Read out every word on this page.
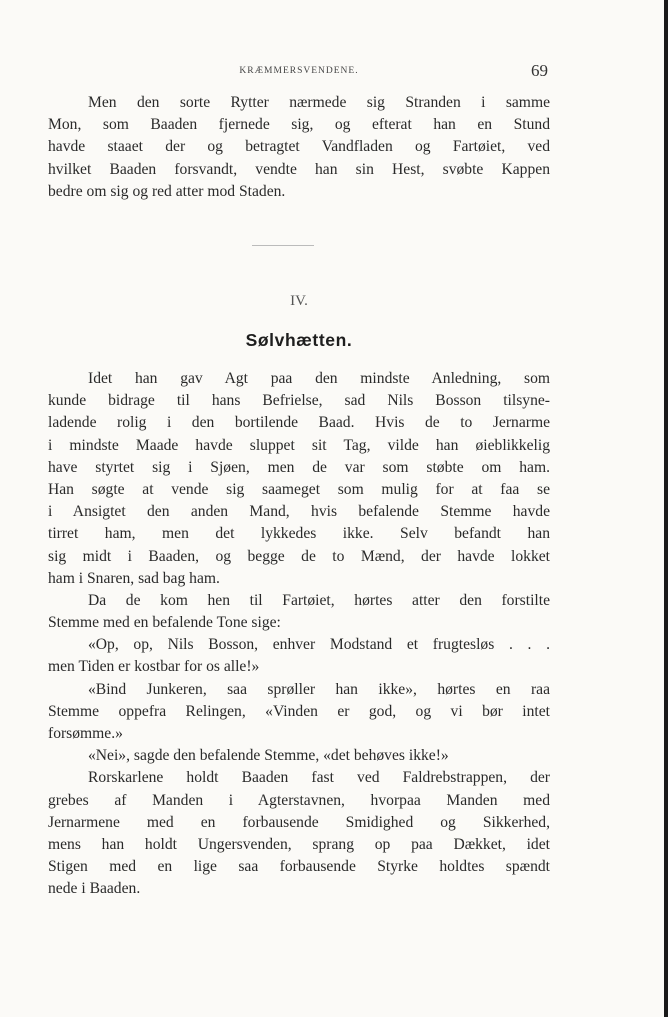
KRÆMMERSVENDENE.	69
Men den sorte Rytter nærmede sig Stranden i samme
Mon, som Baaden fjernede sig, og efterat han en Stund
havde staaet der og betragtet Vandfladen og Fartøiet, ved
hvilket Baaden forsvandt, vendte han sin Hest, svøbte Kappen
bedre om sig og red atter mod Staden.
IV.
Sølvhætten.
Idet han gav Agt paa den mindste Anledning, som
kunde bidrage til hans Befrielse, sad Nils Bosson tilsyne-
ladende rolig i den bortilende Baad. Hvis de to Jernarme
i mindste Maade havde sluppet sit Tag, vilde han øieblikkelig
have styrtet sig i Sjøen, men de var som støbte om ham.
Han søgte at vende sig saameget som mulig for at faa se
i Ansigtet den anden Mand, hvis befalende Stemme havde
tirret ham, men det lykkedes ikke. Selv befandt han
sig midt i Baaden, og begge de to Mænd, der havde lokket
ham i Snaren, sad bag ham.
Da de kom hen til Fartøiet, hørtes atter den forstilte
Stemme med en befalende Tone sige:
«Op, op, Nils Bosson, enhver Modstand et frugtesløs . . .
men Tiden er kostbar for os alle!»
«Bind Junkeren, saa sprøller han ikke», hørtes en raa
Stemme oppefra Relingen, «Vinden er god, og vi bør intet
forsømme.»
«Nei», sagde den befalende Stemme, «det behøves ikke!»
Rorskarlene holdt Baaden fast ved Faldrebstrappen, der
grebes af Manden i Agterstavnen, hvorpaa Manden med
Jernarmene med en forbausende Smidighed og Sikkerhed,
mens han holdt Ungersvenden, sprang op paa Dækket, idet
Stigen med en lige saa forbausende Styrke holdtes spændt
nede i Baaden.
